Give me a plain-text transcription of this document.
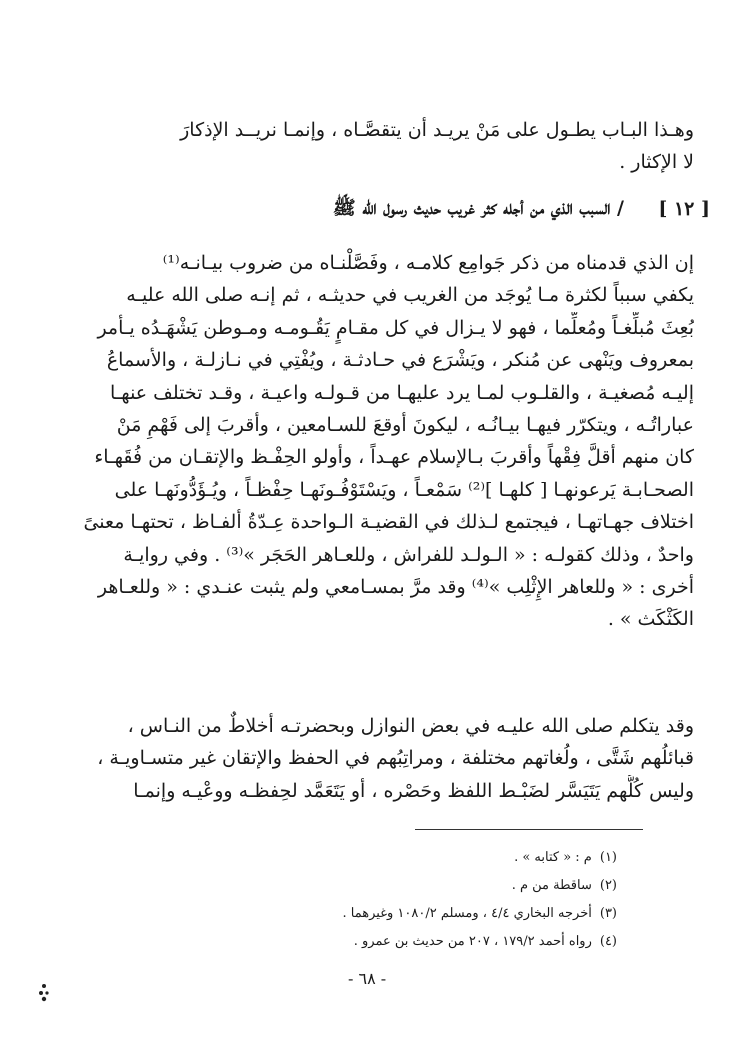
وهـذا البـاب يطـول على مَنْ يريـد أن يتقصَّـاه ، وإنمـا نريــد الإذكارَ
لا الإكثار .
[ ١٢ ]
/ السبب الذي من أجله كثر غريب حديث رسول الله ﷺ
إن الذي قدمناه من ذكر جَوامِع كلامـه ، وفَصَّلْنـاه من ضروب بيـانـه⁽¹⁾
يكفي سبباً لكثرة مـا يُوجَد من الغريب في حديثـه ، ثم إنـه صلى الله عليـه
بُعِثَ مُبلِّغـاً ومُعلِّما ، فهو لا يـزال في كل مقـامٍ يَقُـومـه ومـوطن يَشْهَـدُه يـأمر
بمعروف ويَنْهى عن مُنكر ، ويَشْرَع في حـادثـة ، ويُفْتِي في نـازلـة ، والأسماعُ
إليـه مُصغيـة ، والقلـوب لمـا يرد عليهـا من قـولـه واعيـة ، وقـد تختلف عنهـا
عباراتُـه ، ويتكرّر فيهـا بيـانُـه ، ليكونَ أوقعَ للسـامعين ، وأقربَ إلى فَهْمِ مَنْ
كان منهم أقلَّ فِقْهاً وأقربَ بـالإسلام عهـداً ، وأولو الحِفْـظ والإتقـان من فُقَهـاء
الصحـابـة يَرعونهـا [ كلهـا ]⁽²⁾ سَمْعـاً ، ويَسْتَوْفُـونَهـا حِفْظـاً ، ويُـؤَدُّونَهـا على
اختلاف جهـاتهـا ، فيجتمع لـذلك في القضيـة الـواحدة عِـدّةُ ألفـاظ ، تحتهـا معنىً
واحدٌ ، وذلك كقولـه : « الـولـد للفراش ، وللعـاهر الحَجَر »⁽³⁾ . وفي روايـة
أخرى : « وللعاهر الإِثْلِب »⁽⁴⁾ وقد مرَّ بمسـامعي ولم يثبت عنـدي : « وللعـاهر
الكَثْكَث » .
وقد يتكلم صلى الله عليـه في بعض النوازل وبحضرتـه أخلاطٌ من النـاس ،
قبائلُهم شَتَّى ، ولُغاتهم مختلفة ، ومراتِبُهم في الحفظ والإتقان غير متسـاويـة ،
وليس كُلُّهم يَتَيَسَّر لضَبْـط اللفظ وحَصْره ، أو يَتَعَمَّد لحِفظـه ووعْيـه وإنمـا
(١)م : « كتابه » .
(٢)ساقطة من م .
(٣)أخرجه البخاري ٤/٤ ، ومسلم ١٠٨٠/٢ وغيرهما .
(٤)رواه أحمد ١٧٩/٢ ، ٢٠٧ من حديث بن عمرو .
- ٦٨ -
